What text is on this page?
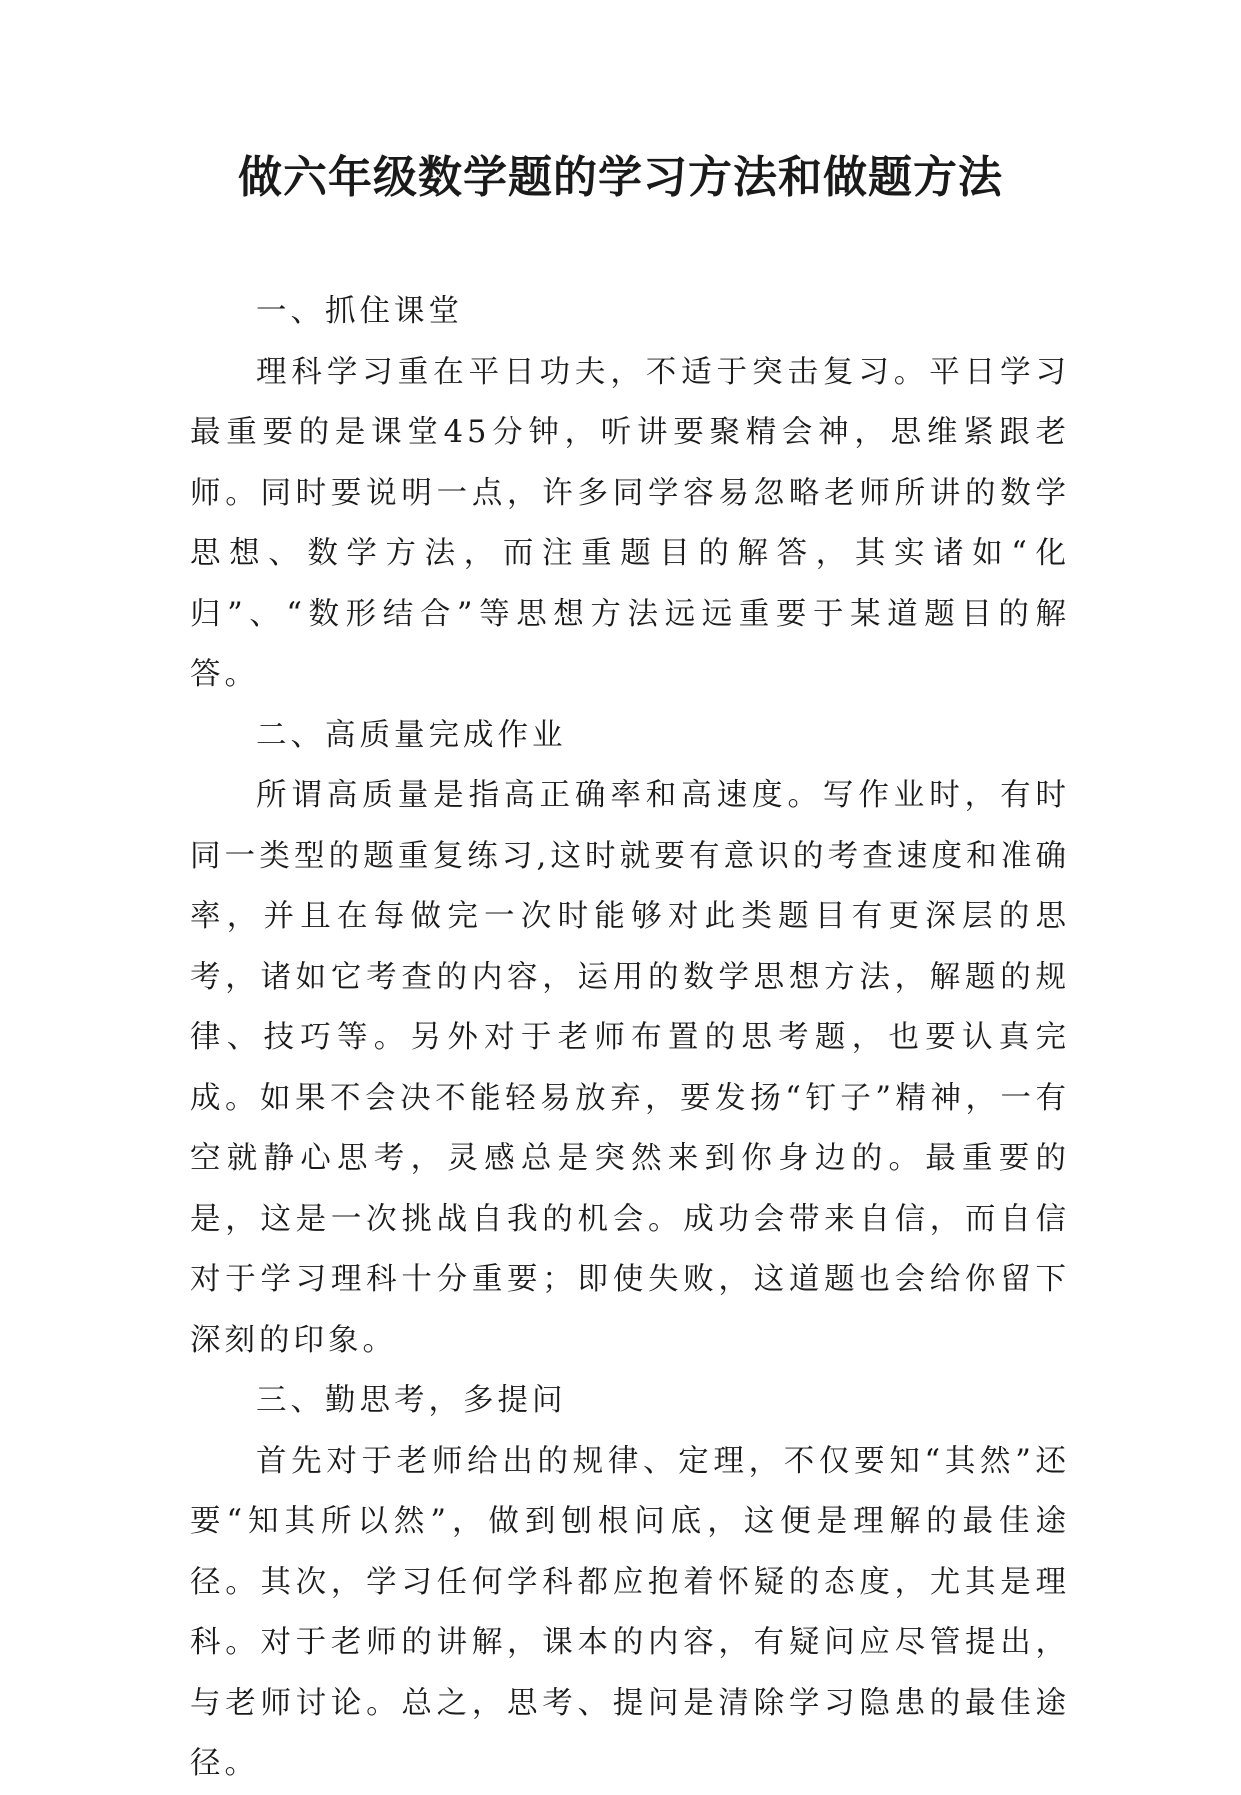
做六年级数学题的学习方法和做题方法

一、抓住课堂

理科学习重在平日功夫，不适于突击复习。平日学习最重要的是课堂45分钟，听讲要聚精会神，思维紧跟老师。同时要说明一点，许多同学容易忽略老师所讲的数学思想、数学方法，而注重题目的解答，其实诸如“化归”、“数形结合”等思想方法远远重要于某道题目的解答。

二、高质量完成作业

所谓高质量是指高正确率和高速度。写作业时，有时同一类型的题重复练习,这时就要有意识的考查速度和准确率，并且在每做完一次时能够对此类题目有更深层的思考，诸如它考查的内容，运用的数学思想方法，解题的规律、技巧等。另外对于老师布置的思考题，也要认真完成。如果不会决不能轻易放弃，要发扬“钉子”精神，一有空就静心思考，灵感总是突然来到你身边的。最重要的是，这是一次挑战自我的机会。成功会带来自信，而自信对于学习理科十分重要；即使失败，这道题也会给你留下深刻的印象。

三、勤思考，多提问

首先对于老师给出的规律、定理，不仅要知“其然”还要“知其所以然”，做到刨根问底，这便是理解的最佳途径。其次，学习任何学科都应抱着怀疑的态度，尤其是理科。对于老师的讲解，课本的内容，有疑问应尽管提出，与老师讨论。总之，思考、提问是清除学习隐患的最佳途径。
